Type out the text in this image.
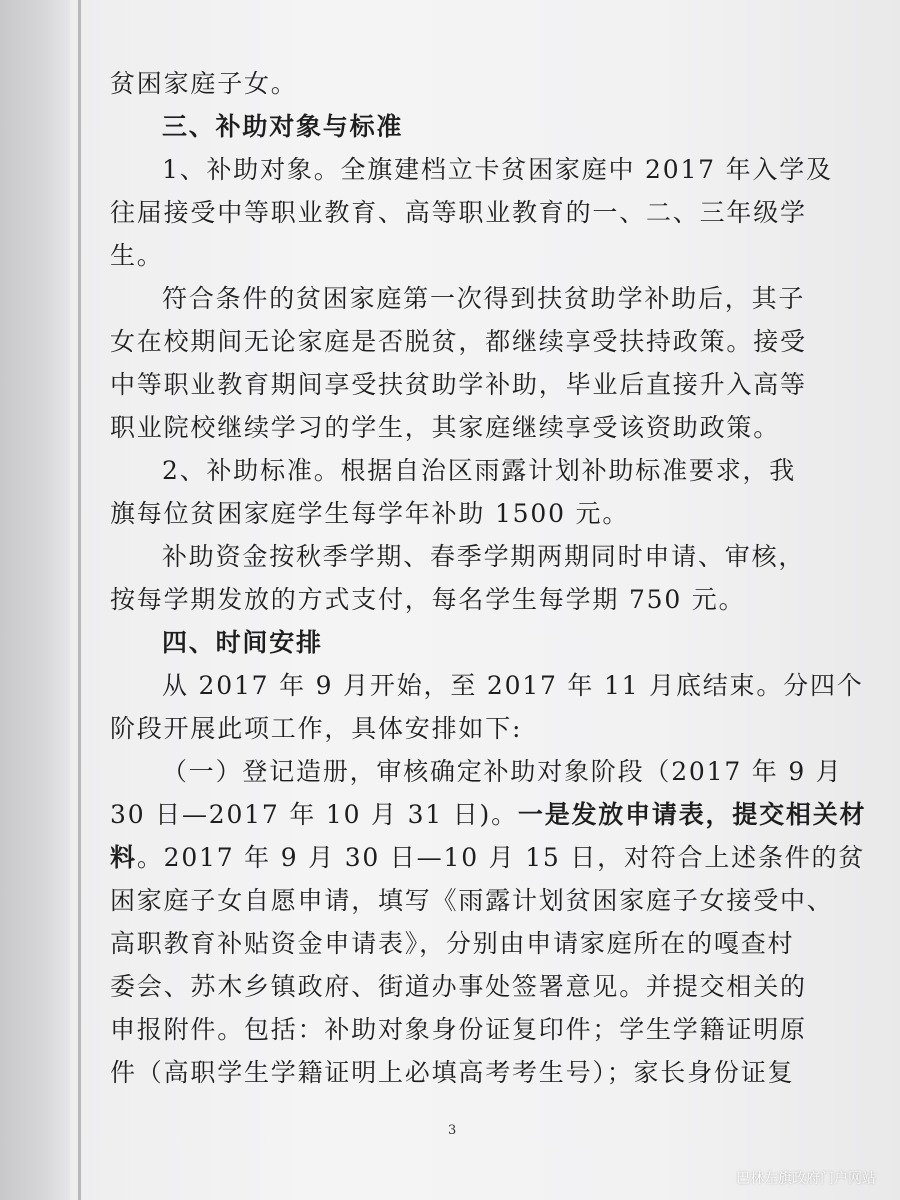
贫困家庭子女。
三、补助对象与标准
1、补助对象。全旗建档立卡贫困家庭中 2017 年入学及
往届接受中等职业教育、高等职业教育的一、二、三年级学
生。
符合条件的贫困家庭第一次得到扶贫助学补助后，其子
女在校期间无论家庭是否脱贫，都继续享受扶持政策。接受
中等职业教育期间享受扶贫助学补助，毕业后直接升入高等
职业院校继续学习的学生，其家庭继续享受该资助政策。
2、补助标准。根据自治区雨露计划补助标准要求，我
旗每位贫困家庭学生每学年补助 1500 元。
补助资金按秋季学期、春季学期两期同时申请、审核，
按每学期发放的方式支付，每名学生每学期 750 元。
四、时间安排
从 2017 年 9 月开始，至 2017 年 11 月底结束。分四个
阶段开展此项工作，具体安排如下:
（一）登记造册，审核确定补助对象阶段（2017 年 9 月
30 日—2017 年 10 月 31 日)。一是发放申请表，提交相关材
料。2017 年 9 月 30 日—10 月 15 日，对符合上述条件的贫
困家庭子女自愿申请，填写《雨露计划贫困家庭子女接受中、
高职教育补贴资金申请表》，分别由申请家庭所在的嘎查村
委会、苏木乡镇政府、街道办事处签署意见。并提交相关的
申报附件。包括：补助对象身份证复印件；学生学籍证明原
件（高职学生学籍证明上必填高考考生号）；家长身份证复
3
巴林左旗政府门户网站
